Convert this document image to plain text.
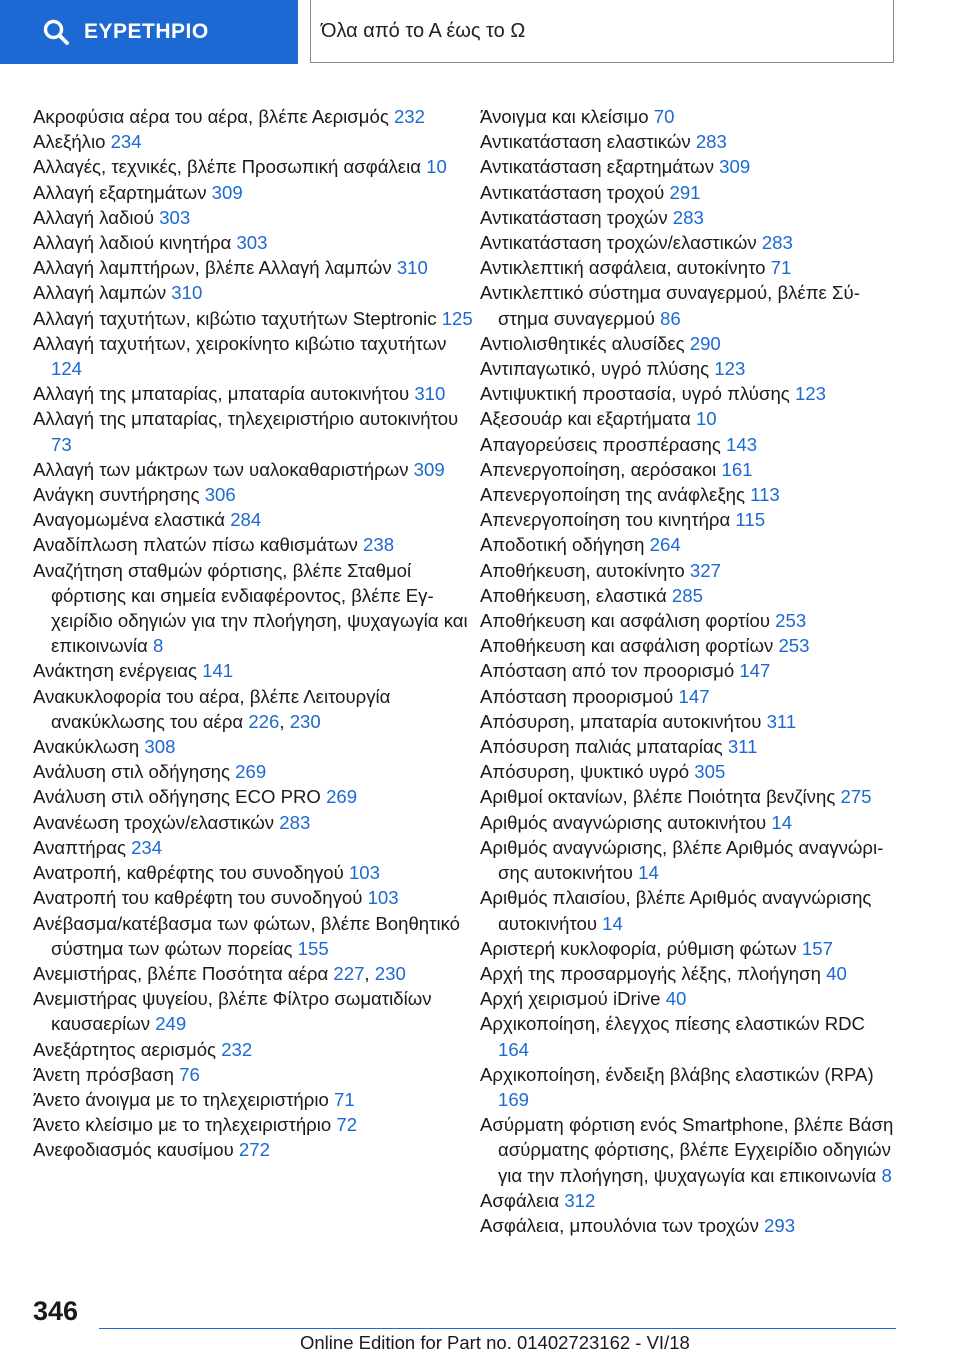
ΕΥΡΕΤΗΡΙΟ	Όλα από το Α έως το Ω
Ακροφύσια αέρα του αέρα, βλέπε Αερισμός 232
Αλεξήλιο 234
Αλλαγές, τεχνικές, βλέπε Προσωπική ασφάλεια 10
Αλλαγή εξαρτημάτων 309
Αλλαγή λαδιού 303
Αλλαγή λαδιού κινητήρα 303
Αλλαγή λαμπτήρων, βλέπε Αλλαγή λαμπών 310
Αλλαγή λαμπών 310
Αλλαγή ταχυτήτων, κιβώτιο ταχυτήτων Steptronic 125
Αλλαγή ταχυτήτων, χειροκίνητο κιβώτιο ταχυτήτων 124
Αλλαγή της μπαταρίας, μπαταρία αυτοκινήτου 310
Αλλαγή της μπαταρίας, τηλεχειριστήριο αυτοκινήτου 73
Αλλαγή των μάκτρων των υαλοκαθαριστήρων 309
Ανάγκη συντήρησης 306
Αναγομωμένα ελαστικά 284
Αναδίπλωση πλατών πίσω καθισμάτων 238
Αναζήτηση σταθμών φόρτισης, βλέπε Σταθμοί φόρτισης και σημεία ενδιαφέροντος, βλέπε Εγχειρίδιο οδηγιών για την πλοήγηση, ψυχαγωγία και επικοινωνία 8
Ανάκτηση ενέργειας 141
Ανακυκλοφορία του αέρα, βλέπε Λειτουργία ανακύκλωσης του αέρα 226, 230
Ανακύκλωση 308
Ανάλυση στιλ οδήγησης 269
Ανάλυση στιλ οδήγησης ECO PRO 269
Ανανέωση τροχών/ελαστικών 283
Αναπτήρας 234
Ανατροπή, καθρέφτης του συνοδηγού 103
Ανατροπή του καθρέφτη του συνοδηγού 103
Ανέβασμα/κατέβασμα των φώτων, βλέπε Βοηθητικό σύστημα των φώτων πορείας 155
Ανεμιστήρας, βλέπε Ποσότητα αέρα 227, 230
Ανεμιστήρας ψυγείου, βλέπε Φίλτρο σωματιδίων καυσαερίων 249
Ανεξάρτητος αερισμός 232
Άνετη πρόσβαση 76
Άνετο άνοιγμα με το τηλεχειριστήριο 71
Άνετο κλείσιμο με το τηλεχειριστήριο 72
Ανεφοδιασμός καυσίμου 272
Άνοιγμα και κλείσιμο 70
Αντικατάσταση ελαστικών 283
Αντικατάσταση εξαρτημάτων 309
Αντικατάσταση τροχού 291
Αντικατάσταση τροχών 283
Αντικατάσταση τροχών/ελαστικών 283
Αντικλεπτική ασφάλεια, αυτοκίνητο 71
Αντικλεπτικό σύστημα συναγερμού, βλέπε Σύστημα συναγερμού 86
Αντιολισθητικές αλυσίδες 290
Αντιπαγωτικό, υγρό πλύσης 123
Αντιψυκτική προστασία, υγρό πλύσης 123
Αξεσουάρ και εξαρτήματα 10
Απαγορεύσεις προσπέρασης 143
Απενεργοποίηση, αερόσακοι 161
Απενεργοποίηση της ανάφλεξης 113
Απενεργοποίηση του κινητήρα 115
Αποδοτική οδήγηση 264
Αποθήκευση, αυτοκίνητο 327
Αποθήκευση, ελαστικά 285
Αποθήκευση και ασφάλιση φορτίου 253
Αποθήκευση και ασφάλιση φορτίων 253
Απόσταση από τον προορισμό 147
Απόσταση προορισμού 147
Απόσυρση, μπαταρία αυτοκινήτου 311
Απόσυρση παλιάς μπαταρίας 311
Απόσυρση, ψυκτικό υγρό 305
Αριθμοί οκτανίων, βλέπε Ποιότητα βενζίνης 275
Αριθμός αναγνώρισης αυτοκινήτου 14
Αριθμός αναγνώρισης, βλέπε Αριθμός αναγνώρισης αυτοκινήτου 14
Αριθμός πλαισίου, βλέπε Αριθμός αναγνώρισης αυτοκινήτου 14
Αριστερή κυκλοφορία, ρύθμιση φώτων 157
Αρχή της προσαρμογής λέξης, πλοήγηση 40
Αρχή χειρισμού iDrive 40
Αρχικοποίηση, έλεγχος πίεσης ελαστικών RDC 164
Αρχικοποίηση, ένδειξη βλάβης ελαστικών (RPA) 169
Ασύρματη φόρτιση ενός Smartphone, βλέπε Βάση ασύρματης φόρτισης, βλέπε Εγχειρίδιο οδηγιών για την πλοήγηση, ψυχαγωγία και επικοινωνία 8
Ασφάλεια 312
Ασφάλεια, μπουλόνια των τροχών 293
346
Online Edition for Part no. 01402723162 - VI/18
